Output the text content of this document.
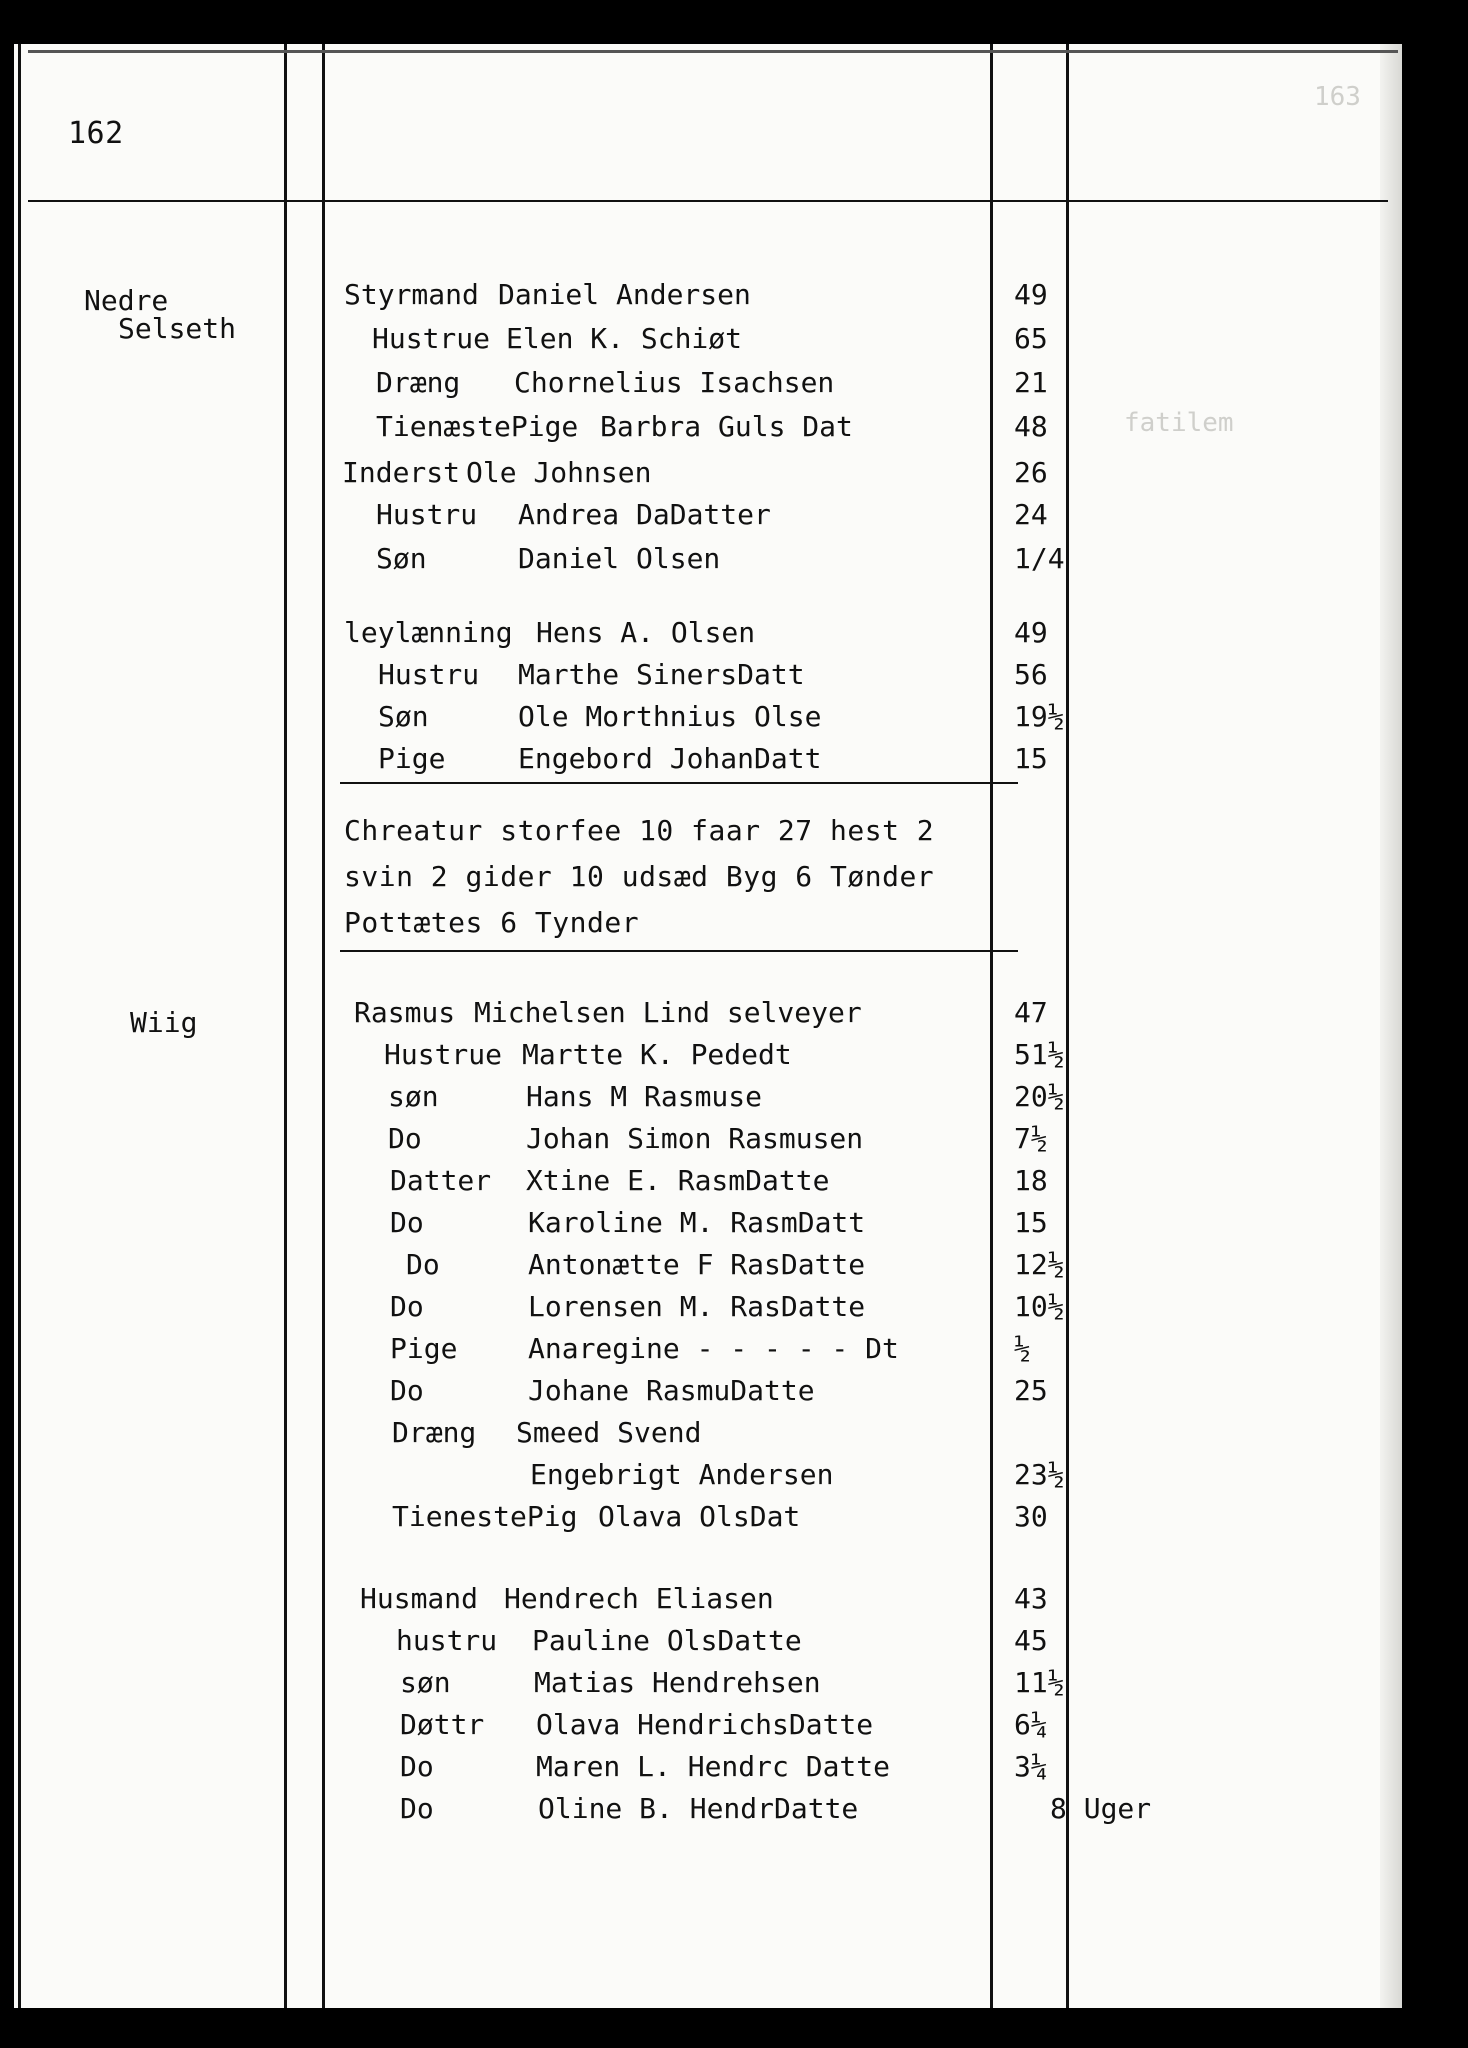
162
163
fatilem
Nedre
Selseth
Styrmand Daniel Andersen	49
Hustrue Elen K. Schiøt	65
Dræng Chornelius Isachsen	21
TienæstePige Barbra Guls Dat	48
Inderst Ole Johnsen	26
Hustru Andrea DaDatter	24
Søn	Daniel Olsen	1/4
leylænning Hens A. Olsen	49
Hustru Marthe SinersDatt	56
Søn	Ole Morthnius Olse	19½
Pige	Engebord JohanDatt	15
Chreatur storfee 10 faar 27 hest 2
svin 2 gider 10 udsæd Byg 6 Tønder
Pottætes 6 Tynder
Wiig	Rasmus Michelsen Lind selveyer	47
Hustrue Martte K. Pededt	51½
søn	Hans M Rasmuse	20½
Do	Johan Simon Rasmusen	7½
Datter Xtine E. RasmDatte	18
Do	Karoline M. RasmDatt	15
Do	Antonætte F RasDatte	12½
Do	Lorensen M. RasDatte	10½
Pige	Anaregine - - - - - Dt	½
Do	Johane RasmuDatte	25
Dræng Smeed Svend
Engebrigt Andersen	23½
TienestePig Olava OlsDat	30
Husmand Hendrech Eliasen	43
hustru Pauline OlsDatte	45
søn	Matias Hendrehsen	11½
Døttr Olava HendrichsDatte	6¼
Do	Maren L. Hendrc Datte	3¼
Do	Oline B. HendrDatte	8 Uger
